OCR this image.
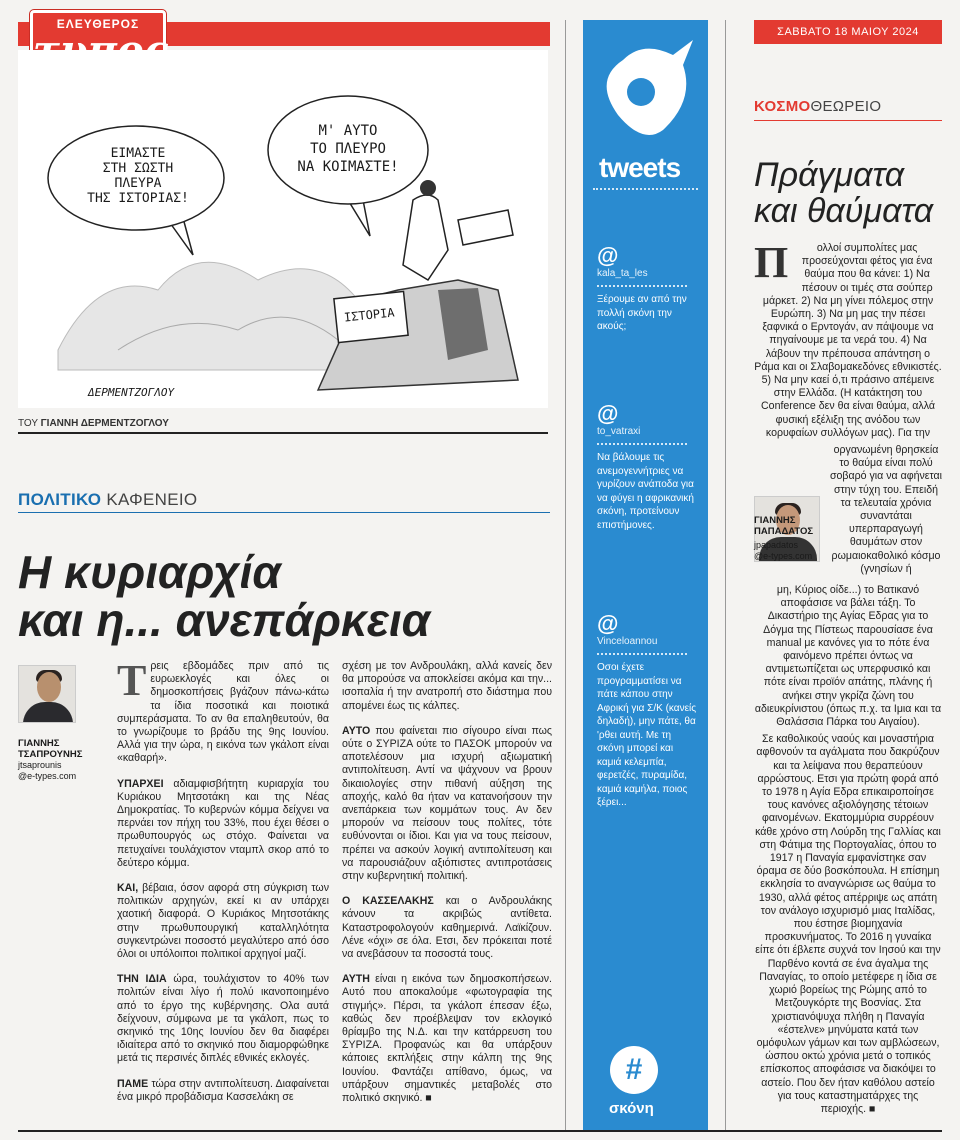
ΣΑΒΒΑΤΟ 18 ΜΑΙΟΥ 2024
ΕΛΕΥΘΕΡΟΣ
ΕΙΜΑΣΤΕ
ΣΤΗ ΣΩΣΤΗ
ΠΛΕΥΡΑ
ΤΗΣ ΙΣΤΟΡΙΑΣ!
Μ' ΑΥΤΟ
ΤΟ ΠΛΕΥΡΟ
ΝΑ ΚΟΙΜΑΣΤΕ!
ΙΣΤΟΡΙΑ
ΔΕΡΜΕΝΤΖΟΓΛΟΥ
ΤΟΥ ΓΙΑΝΝΗ ΔΕΡΜΕΝΤΖΟΓΛΟΥ
ΠΟΛΙΤΙΚΟ ΚΑΦΕΝΕΙΟ
Η κυριαρχία
και η... ανεπάρκεια
ΓΙΑΝΝΗΣ
ΤΣΑΠΡΟΥΝΗΣ
jtsaprounis
@e-types.com

Τρεις εβδομάδες πριν από τις ευρωεκλογές και όλες οι δημοσκοπήσεις βγάζουν πάνω-κάτω τα ίδια ποσοτικά και ποιοτικά συμπεράσματα. Το αν θα επαληθευτούν, θα το γνωρίζουμε το βράδυ της 9ης Ιουνίου. Αλλά για την ώρα, η εικόνα των γκάλοπ είναι «καθαρή».

ΥΠΑΡΧΕΙ αδιαμφισβήτητη κυριαρχία του Κυριάκου Μητσοτάκη και της Νέας Δημοκρατίας. Το κυβερνών κόμμα δείχνει να περνάει τον πήχη του 33%, που έχει θέσει ο πρωθυπουργός ως στόχο. Φαίνεται να πετυχαίνει τουλάχιστον νταμπλ σκορ από το δεύτερο κόμμα.

ΚΑΙ, βέβαια, όσον αφορά στη σύγκριση των πολιτικών αρχηγών, εκεί κι αν υπάρχει χαοτική διαφορά. Ο Κυριάκος Μητσοτάκης στην πρωθυπουργική καταλληλότητα συγκεντρώνει ποσοστό μεγαλύτερο από όσο όλοι οι υπόλοιποι πολιτικοί αρχηγοί μαζί.

ΤΗΝ ΙΔΙΑ ώρα, τουλάχιστον το 40% των πολιτών είναι λίγο ή πολύ ικανοποιημένο από το έργο της κυβέρνησης. Ολα αυτά δείχνουν, σύμφωνα με τα γκάλοπ, πως το σκηνικό της 10ης Ιουνίου δεν θα διαφέρει ιδιαίτερα από το σκηνικό που διαμορφώθηκε μετά τις περσινές διπλές εθνικές εκλογές.

ΠΑΜΕ τώρα στην αντιπολίτευση. Διαφαίνεται ένα μικρό προβάδισμα Κασσελάκη σε

σχέση με τον Ανδρουλάκη, αλλά κανείς δεν θα μπορούσε να αποκλείσει ακόμα και την... ισοπαλία ή την ανατροπή στο διάστημα που απομένει έως τις κάλπες.

ΑΥΤΟ που φαίνεται πιο σίγουρο είναι πως ούτε ο ΣΥΡΙΖΑ ούτε το ΠΑΣΟΚ μπορούν να αποτελέσουν μια ισχυρή αξιωματική αντιπολίτευση. Αντί να ψάχνουν να βρουν δικαιολογίες στην πιθανή αύξηση της αποχής, καλό θα ήταν να κατανοήσουν την ανεπάρκεια των κομμάτων τους. Αν δεν μπορούν να πείσουν τους πολίτες, τότε ευθύνονται οι ίδιοι. Και για να τους πείσουν, πρέπει να ασκούν λογική αντιπολίτευση και να παρουσιάζουν αξιόπιστες αντιπροτάσεις στην κυβερνητική πολιτική.

Ο ΚΑΣΣΕΛΑΚΗΣ και ο Ανδρουλάκης κάνουν τα ακριβώς αντίθετα. Καταστροφολογούν καθημερινά. Λαϊκίζουν. Λένε «όχι» σε όλα. Ετσι, δεν πρόκειται ποτέ να ανεβάσουν τα ποσοστά τους.

ΑΥΤΗ είναι η εικόνα των δημοσκοπήσεων. Αυτό που αποκαλούμε «φωτογραφία της στιγμής». Πέρσι, τα γκάλοπ έπεσαν έξω, καθώς δεν προέβλεψαν τον εκλογικό θρίαμβο της Ν.Δ. και την κατάρρευση του ΣΥΡΙΖΑ. Προφανώς και θα υπάρξουν κάποιες εκπλήξεις στην κάλπη της 9ης Ιουνίου. Φαντάζει απίθανο, όμως, να υπάρξουν σημαντικές μεταβολές στο πολιτικό σκηνικό. ■

tweets
@
kala_ta_les
Ξέρουμε αν από την πολλή σκόνη την ακούς;
@
to_vatraxi
Να βάλουμε τις ανεμογεννήτριες να γυρίζουν ανάποδα για να φύγει η αφρικανική σκόνη, προτείνουν επιστήμονες.
@
Vinceloannou
Οσοι έχετε προγραμματίσει να πάτε κάπου στην Αφρική για Σ/Κ (κανείς δηλαδή), μην πάτε, θα 'ρθει αυτή. Με τη σκόνη μπορεί και καμιά κελεμπία, φερετζές, πυραμίδα, καμιά καμήλα, ποιος ξέρει...
#
σκόνη
ΚΟΣΜΟΘΕΩΡΕΙΟ
Πράγματα
και θαύματα

Π	ολλοί συμπολίτες μας προσεύχονται φέτος για ένα θαύμα που θα κάνει: 1) Να πέσουν οι τιμές στα σούπερ μάρκετ. 2) Να μη γίνει πόλεμος στην Ευρώπη. 3) Να μη μας την πέσει ξαφνικά ο Ερντογάν, αν πάψουμε να πηγαίνουμε με τα νερά του. 4) Να λάβουν την πρέπουσα απάντηση ο Ράμα και οι Σλαβομακεδόνες εθνικιστές. 5) Να μην καεί ό,τι πράσινο απέμεινε στην Ελλάδα. (Η κατάκτηση του Conference δεν θα είναι θαύμα, αλλά φυσική εξέλιξη της ανόδου των κορυφαίων συλλόγων μας). Για την

ΓΙΑΝΝΗΣ
ΠΑΠΑΔΑΤΟΣ
jpapadatos
@e-types.com

οργανωμένη θρησκεία το θαύμα είναι πολύ σοβαρό για να αφήνεται στην τύχη του. Επειδή τα τελευταία χρόνια συναντάται υπερπαραγωγή θαυμάτων στον ρωμαιοκαθολικό κόσμο (γνησίων ή

μη, Κύριος οίδε...) το Βατικανό αποφάσισε να βάλει τάξη. Το Δικαστήριο της Αγίας Εδρας για το Δόγμα της Πίστεως παρουσίασε ένα manual με κανόνες για το πότε ένα φαινόμενο πρέπει όντως να αντιμετωπίζεται ως υπερφυσικό και πότε είναι προϊόν απάτης, πλάνης ή ανήκει στην γκρίζα ζώνη του αδιευκρίνιστου (όπως π.χ. τα Ιμια και τα Θαλάσσια Πάρκα του Αιγαίου).

Σε καθολικούς ναούς και μοναστήρια αφθονούν τα αγάλματα που δακρύζουν και τα λείψανα που θεραπεύουν αρρώστους. Ετσι για πρώτη φορά από το 1978 η Αγία Εδρα επικαιροποίησε τους κανόνες αξιολόγησης τέτοιων φαινομένων. Εκατομμύρια συρρέουν κάθε χρόνο στη Λούρδη της Γαλλίας και στη Φάτιμα της Πορτογαλίας, όπου το 1917 η Παναγία εμφανίστηκε σαν όραμα σε δύο βοσκόπουλα. Η επίσημη εκκλησία το αναγνώρισε ως θαύμα το 1930, αλλά φέτος απέρριψε ως απάτη τον ανάλογο ισχυρισμό μιας Ιταλίδας, που έστησε βιομηχανία προσκυνήματος. Το 2016 η γυναίκα είπε ότι έβλεπε συχνά τον Ιησού και την Παρθένο κοντά σε ένα άγαλμα της Παναγίας, το οποίο μετέφερε η ίδια σε χωριό βορείως της Ρώμης από το Μετζουγκόρτε της Βοσνίας. Στα χριστιανόψυχα πλήθη η Παναγία «έστελνε» μηνύματα κατά των ομόφυλων γάμων και των αμβλώσεων, ώσπου οκτώ χρόνια μετά ο τοπικός επίσκοπος αποφάσισε να διακόψει το αστείο. Που δεν ήταν καθόλου αστείο για τους καταστηματάρχες της περιοχής. ■
